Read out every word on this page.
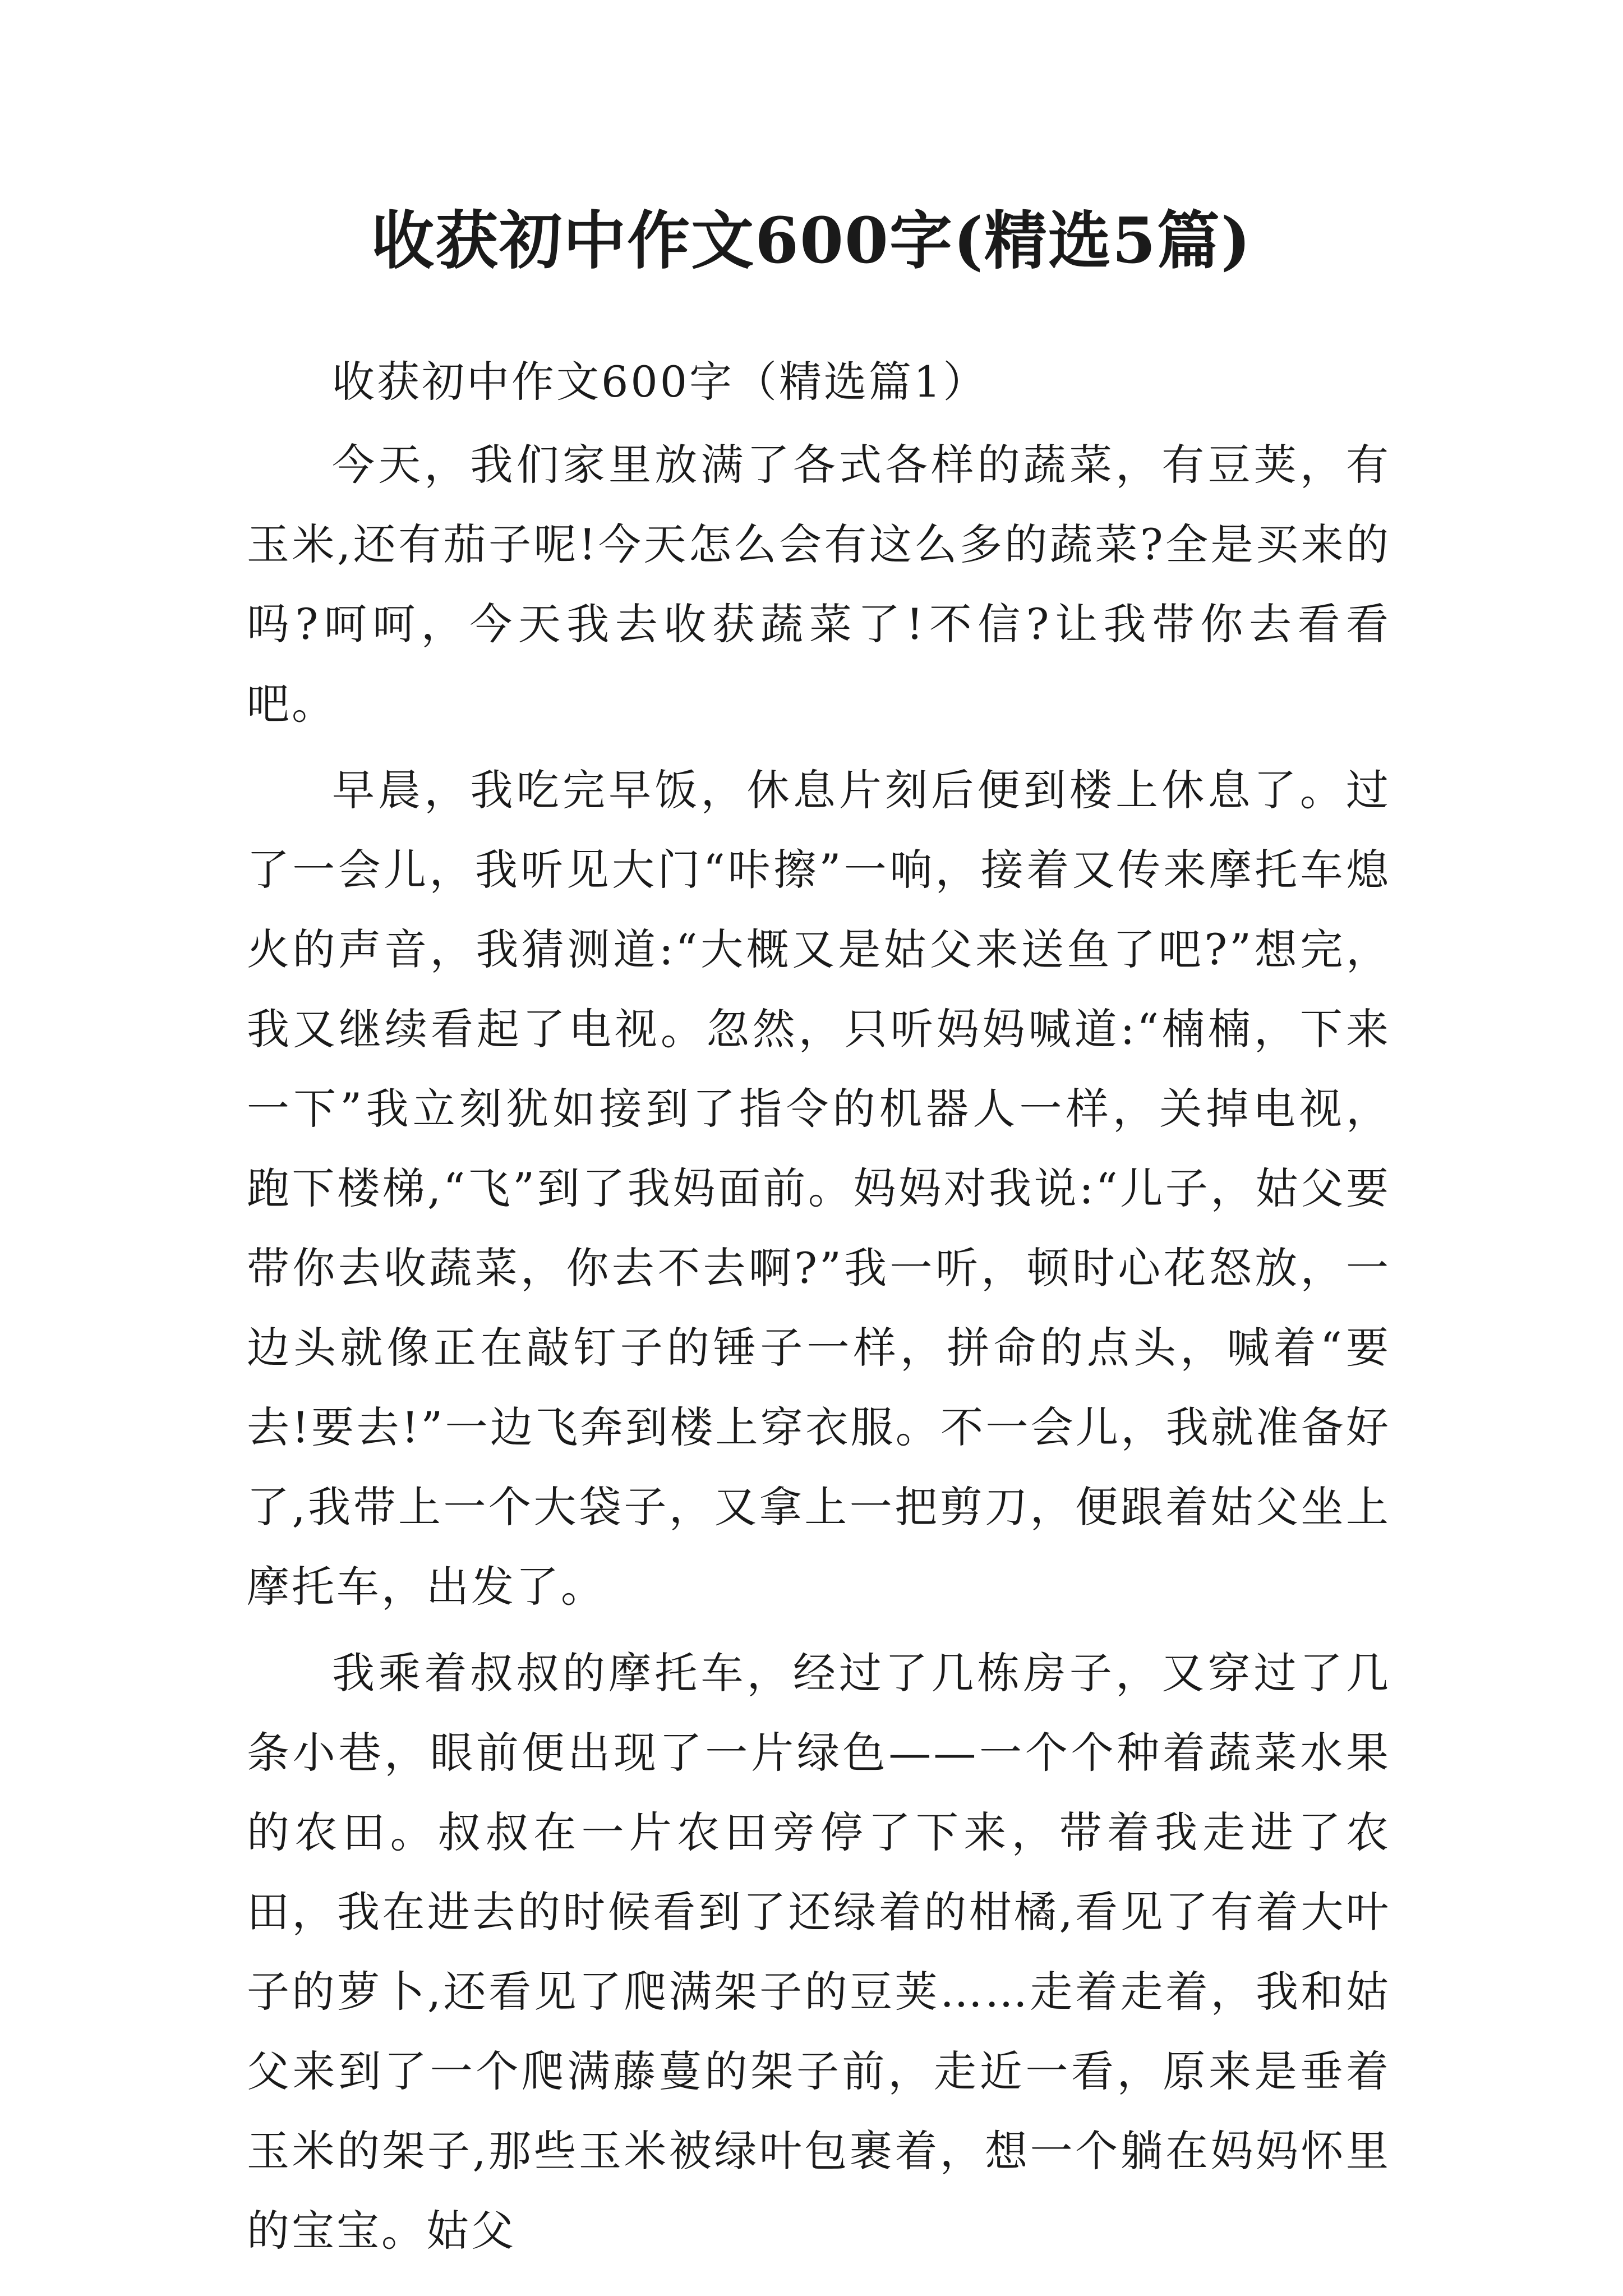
收获初中作文600字(精选5篇)

收获初中作文600字（精选篇1）

今天，我们家里放满了各式各样的蔬菜，有豆荚，有玉米,还有茄子呢!今天怎么会有这么多的蔬菜?全是买来的吗?呵呵，今天我去收获蔬菜了!不信?让我带你去看看吧。

早晨，我吃完早饭，休息片刻后便到楼上休息了。过了一会儿，我听见大门“咔擦”一响，接着又传来摩托车熄火的声音，我猜测道:“大概又是姑父来送鱼了吧?”想完，我又继续看起了电视。忽然，只听妈妈喊道:“楠楠，下来一下”我立刻犹如接到了指令的机器人一样，关掉电视，跑下楼梯,“飞”到了我妈面前。妈妈对我说:“儿子，姑父要带你去收蔬菜，你去不去啊?”我一听，顿时心花怒放，一边头就像正在敲钉子的锤子一样，拼命的点头，喊着“要去!要去!”一边飞奔到楼上穿衣服。不一会儿，我就准备好了,我带上一个大袋子，又拿上一把剪刀，便跟着姑父坐上摩托车，出发了。

我乘着叔叔的摩托车，经过了几栋房子，又穿过了几条小巷，眼前便出现了一片绿色——一个个种着蔬菜水果的农田。叔叔在一片农田旁停了下来，带着我走进了农田，我在进去的时候看到了还绿着的柑橘,看见了有着大叶子的萝卜,还看见了爬满架子的豆荚……走着走着，我和姑父来到了一个爬满藤蔓的架子前，走近一看，原来是垂着玉米的架子,那些玉米被绿叶包裹着，想一个躺在妈妈怀里的宝宝。姑父
